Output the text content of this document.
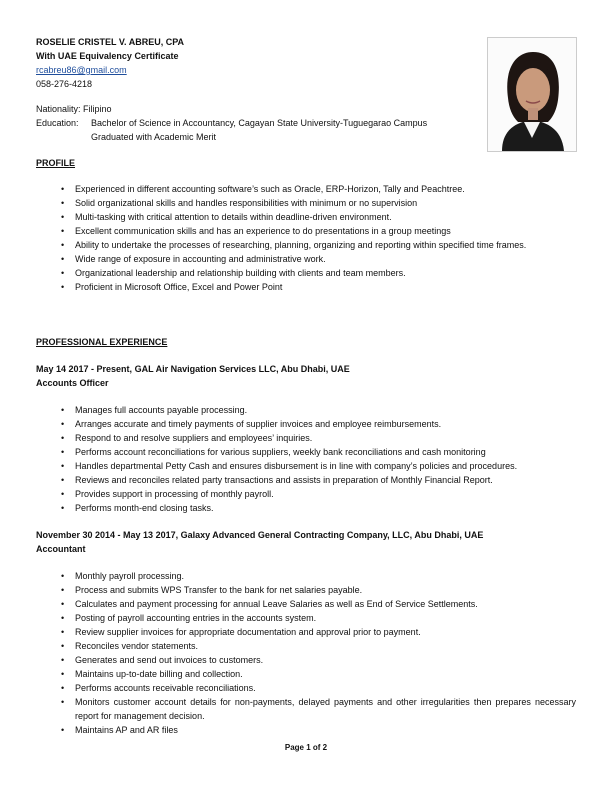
ROSELIE CRISTEL V. ABREU, CPA
With UAE Equivalency Certificate
rcabreu86@gmail.com
058-276-4218
Nationality: Filipino
Education:	Bachelor of Science in Accountancy, Cagayan State University-Tuguegarao Campus
Graduated with Academic Merit
PROFILE
• Experienced in different accounting software’s such as Oracle, ERP-Horizon, Tally and Peachtree.
• Solid organizational skills and handles responsibilities with minimum or no supervision
• Multi-tasking with critical attention to details within deadline-driven environment.
• Excellent communication skills and has an experience to do presentations in a group meetings
• Ability to undertake the processes of researching, planning, organizing and reporting within specified time frames.
• Wide range of exposure in accounting and administrative work.
• Organizational leadership and relationship building with clients and team members.
• Proficient in Microsoft Office, Excel and Power Point
PROFESSIONAL EXPERIENCE
May 14 2017 - Present, GAL Air Navigation Services LLC, Abu Dhabi, UAE
Accounts Officer
• Manages full accounts payable processing.
• Arranges accurate and timely payments of supplier invoices and employee reimbursements.
• Respond to and resolve suppliers and employees’ inquiries.
• Performs account reconciliations for various suppliers, weekly bank reconciliations and cash monitoring
• Handles departmental Petty Cash and ensures disbursement is in line with company’s policies and procedures.
• Reviews and reconciles related party transactions and assists in preparation of Monthly Financial Report.
• Provides support in processing of monthly payroll.
• Performs month-end closing tasks.
November 30 2014 - May 13 2017, Galaxy Advanced General Contracting Company, LLC, Abu Dhabi, UAE
Accountant
• Monthly payroll processing.
• Process and submits WPS Transfer to the bank for net salaries payable.
• Calculates and payment processing for annual Leave Salaries as well as End of Service Settlements.
• Posting of payroll accounting entries in the accounts system.
• Review supplier invoices for appropriate documentation and approval prior to payment.
• Reconciles vendor statements.
• Generates and send out invoices to customers.
• Maintains up-to-date billing and collection.
• Performs accounts receivable reconciliations.
• Monitors customer account details for non-payments, delayed payments and other irregularities then prepares necessary report for management decision.
• Maintains AP and AR files
Page 1 of 2
